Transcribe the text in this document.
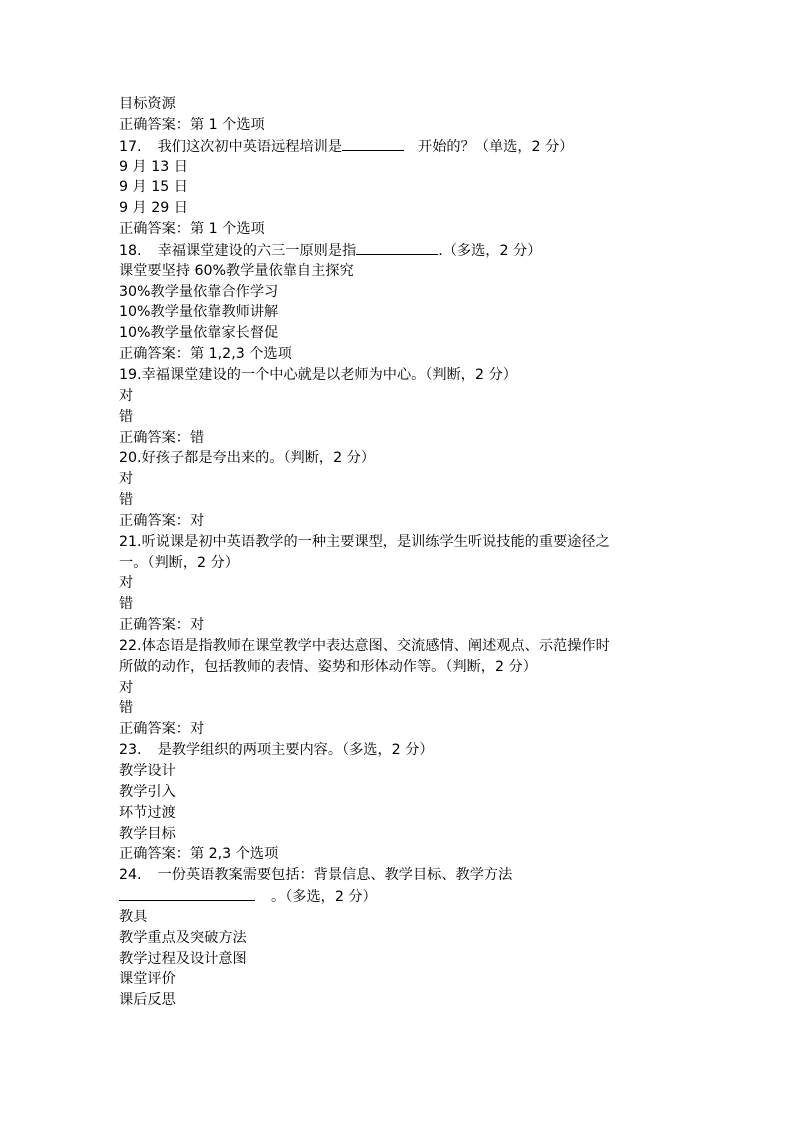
目标资源
正确答案：第 1 个选项
17. 我们这次初中英语远程培训是	开始的？（单选，2 分）
9 月 13 日
9 月 15 日
9 月 29 日
正确答案：第 1 个选项
18. 幸福课堂建设的六三一原则是指	.（多选，2 分）
课堂要坚持 60%教学量依靠自主探究
30%教学量依靠合作学习
10%教学量依靠教师讲解
10%教学量依靠家长督促
正确答案：第 1,2,3 个选项
19.幸福课堂建设的一个中心就是以老师为中心。（判断，2 分）
对
错
正确答案：错
20.好孩子都是夸出来的。（判断，2 分）
对
错
正确答案：对
21.听说课是初中英语教学的一种主要课型，是训练学生听说技能的重要途径之
一。（判断，2 分）
对
错
正确答案：对
22.体态语是指教师在课堂教学中表达意图、交流感情、阐述观点、示范操作时
所做的动作，包括教师的表情、姿势和形体动作等。（判断，2 分）
对
错
正确答案：对
23. 是教学组织的两项主要内容。（多选，2 分）
教学设计
教学引入
环节过渡
教学目标
正确答案：第 2,3 个选项
24. 一份英语教案需要包括：背景信息、教学目标、教学方法
。（多选，2 分）
教具
教学重点及突破方法
教学过程及设计意图
课堂评价
课后反思
